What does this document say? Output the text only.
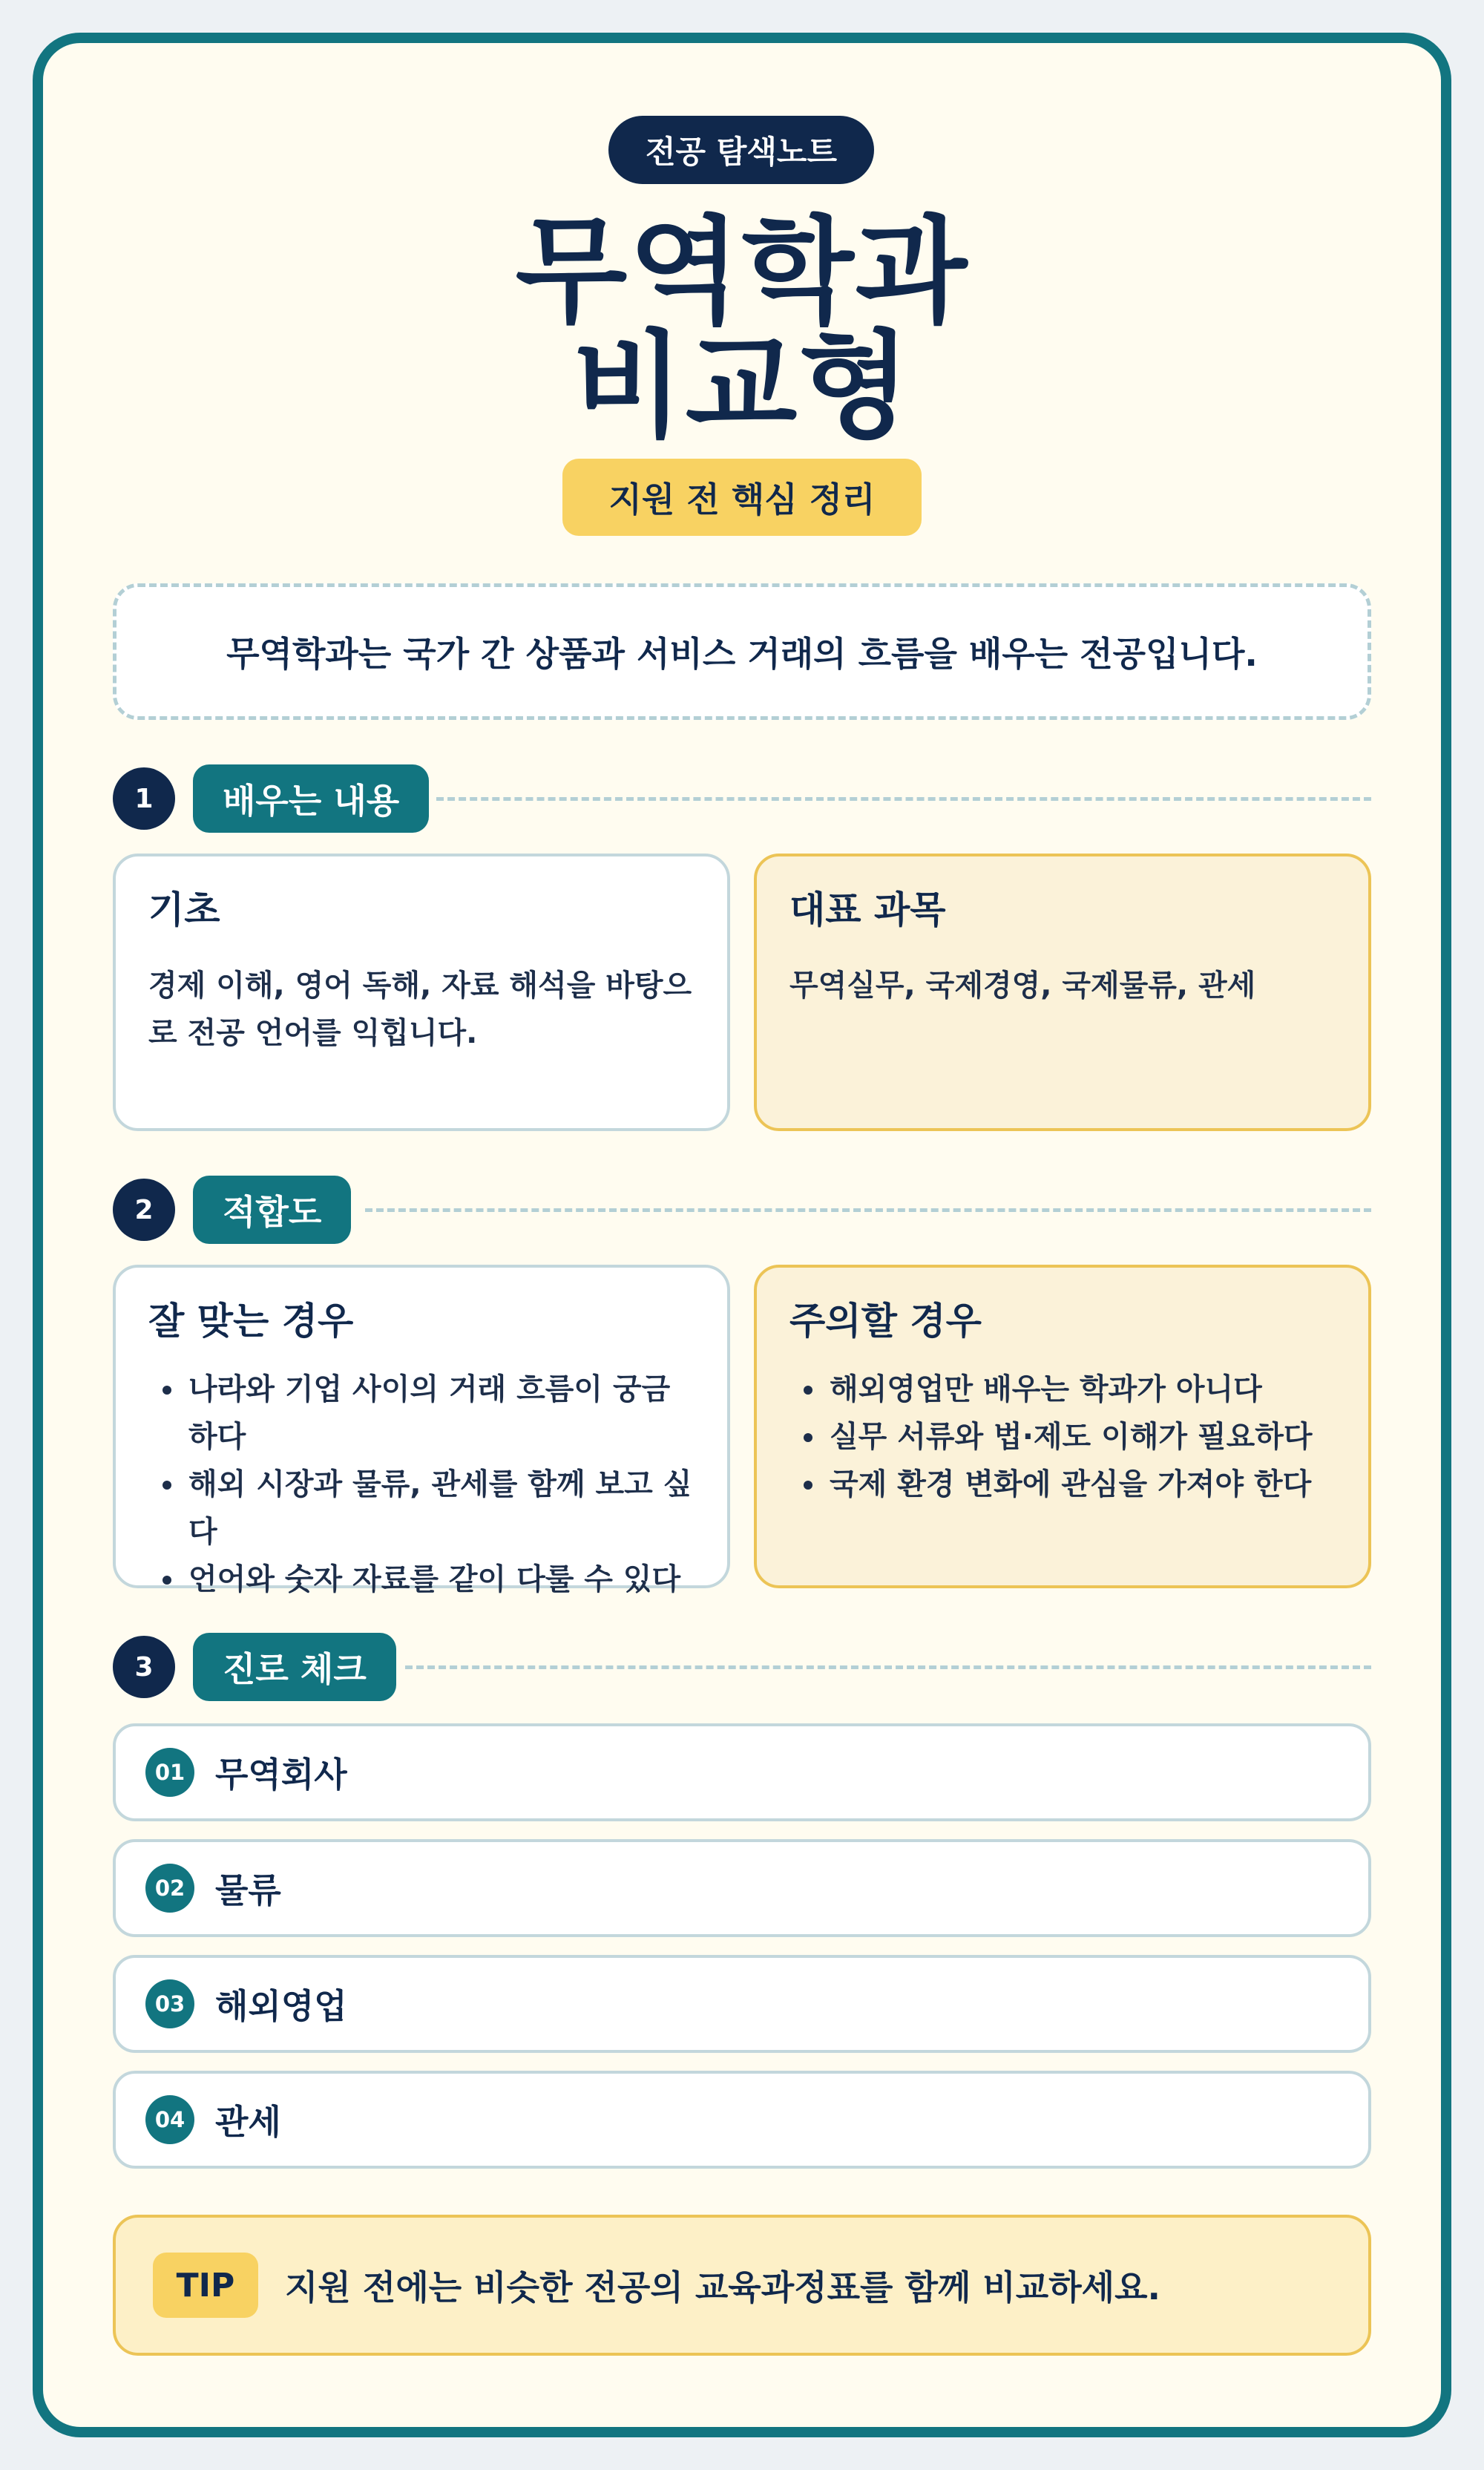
전공 탐색노트
무역학과
비교형
지원 전 핵심 정리
무역학과는 국가 간 상품과 서비스 거래의 흐름을 배우는 전공입니다.
1	배우는 내용
기초
경제 이해, 영어 독해, 자료 해석을 바탕으로 전공 언어를 익힙니다.
대표 과목
무역실무, 국제경영, 국제물류, 관세
2	적합도
잘 맞는 경우
• 나라와 기업 사이의 거래 흐름이 궁금하다
• 해외 시장과 물류, 관세를 함께 보고 싶다
• 언어와 숫자 자료를 같이 다룰 수 있다
주의할 경우
• 해외영업만 배우는 학과가 아니다
• 실무 서류와 법·제도 이해가 필요하다
• 국제 환경 변화에 관심을 가져야 한다
3	진로 체크
01 무역회사
02 물류
03 해외영업
04 관세
TIP	지원 전에는 비슷한 전공의 교육과정표를 함께 비교하세요.
